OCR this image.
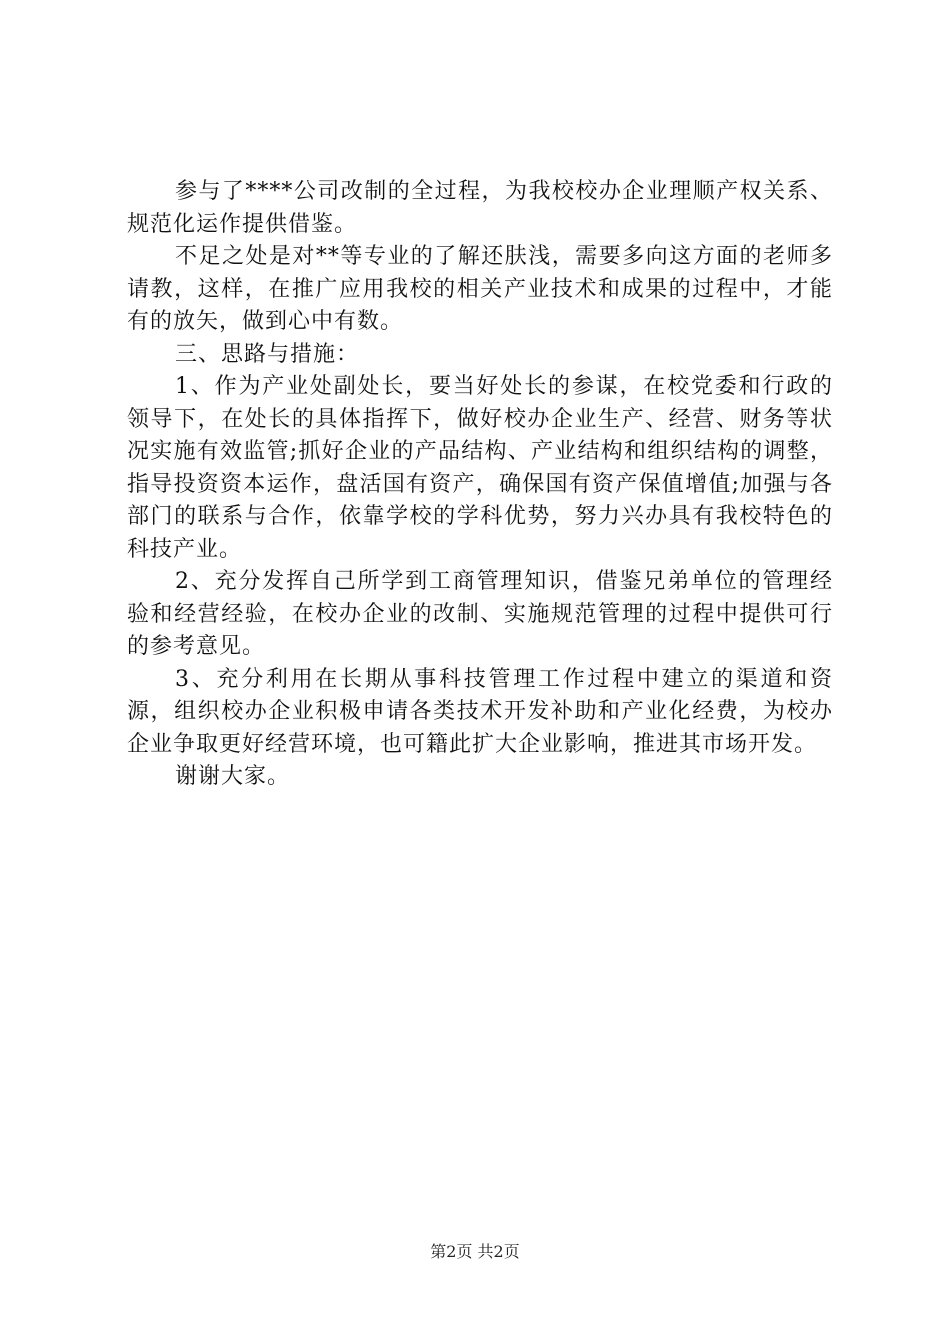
参与了****公司改制的全过程，为我校校办企业理顺产权关系、规范化运作提供借鉴。

不足之处是对**等专业的了解还肤浅，需要多向这方面的老师多请教，这样，在推广应用我校的相关产业技术和成果的过程中，才能有的放矢，做到心中有数。

三、思路与措施：

1、作为产业处副处长，要当好处长的参谋，在校党委和行政的领导下，在处长的具体指挥下，做好校办企业生产、经营、财务等状况实施有效监管;抓好企业的产品结构、产业结构和组织结构的调整，指导投资资本运作，盘活国有资产，确保国有资产保值增值;加强与各部门的联系与合作，依靠学校的学科优势，努力兴办具有我校特色的科技产业。

2、充分发挥自己所学到工商管理知识，借鉴兄弟单位的管理经验和经营经验，在校办企业的改制、实施规范管理的过程中提供可行的参考意见。

3、充分利用在长期从事科技管理工作过程中建立的渠道和资源，组织校办企业积极申请各类技术开发补助和产业化经费，为校办企业争取更好经营环境，也可籍此扩大企业影响，推进其市场开发。

谢谢大家。

第2页 共2页
